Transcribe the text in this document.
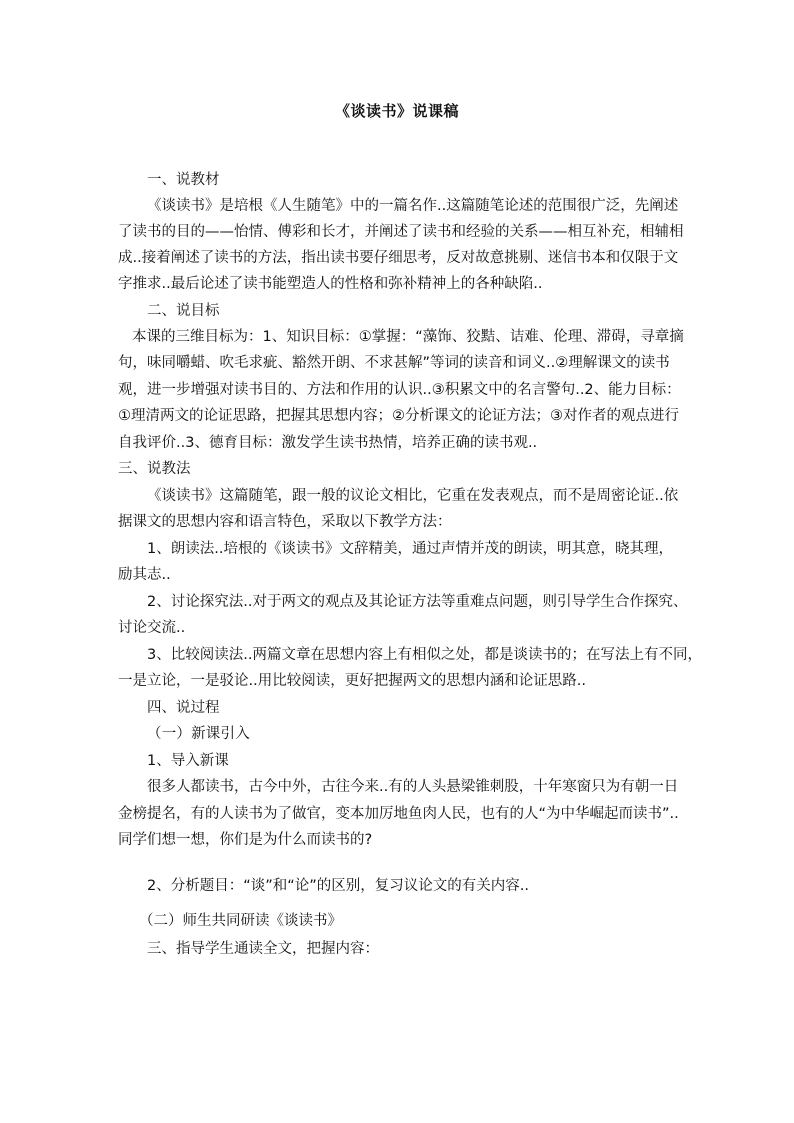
《谈读书》说课稿
一、说教材
《谈读书》是培根《人生随笔》中的一篇名作..这篇随笔论述的范围很广泛，先阐述
了读书的目的——怡情、傅彩和长才，并阐述了读书和经验的关系——相互补充，相辅相
成..接着阐述了读书的方法，指出读书要仔细思考，反对故意挑剔、迷信书本和仅限于文
字推求..最后论述了读书能塑造人的性格和弥补精神上的各种缺陷..
二、说目标
本课的三维目标为：1、知识目标：①掌握：“藻饰、狡黠、诘难、伦理、滞碍，寻章摘
句，味同嚼蜡、吹毛求疵、豁然开朗、不求甚解”等词的读音和词义..②理解课文的读书
观，进一步增强对读书目的、方法和作用的认识..③积累文中的名言警句..2、能力目标：
①理清两文的论证思路，把握其思想内容；②分析课文的论证方法；③对作者的观点进行
自我评价..3、德育目标：激发学生读书热情，培养正确的读书观..
三、说教法
《谈读书》这篇随笔，跟一般的议论文相比，它重在发表观点，而不是周密论证..依
据课文的思想内容和语言特色，采取以下教学方法：
1、朗读法..培根的《谈读书》文辞精美，通过声情并茂的朗读，明其意，晓其理，
励其志..
2、讨论探究法..对于两文的观点及其论证方法等重难点问题，则引导学生合作探究、
讨论交流..
3、比较阅读法..两篇文章在思想内容上有相似之处，都是谈读书的；在写法上有不同，
一是立论，一是驳论..用比较阅读，更好把握两文的思想内涵和论证思路..
四、说过程
（一）新课引入
1、导入新课
很多人都读书，古今中外，古往今来..有的人头悬梁锥刺股，十年寒窗只为有朝一日
金榜提名，有的人读书为了做官，变本加厉地鱼肉人民，也有的人“为中华崛起而读书”..
同学们想一想，你们是为什么而读书的?
2、分析题目：“谈”和“论”的区别，复习议论文的有关内容..
（二）师生共同研读《谈读书》
三、指导学生通读全文，把握内容：
